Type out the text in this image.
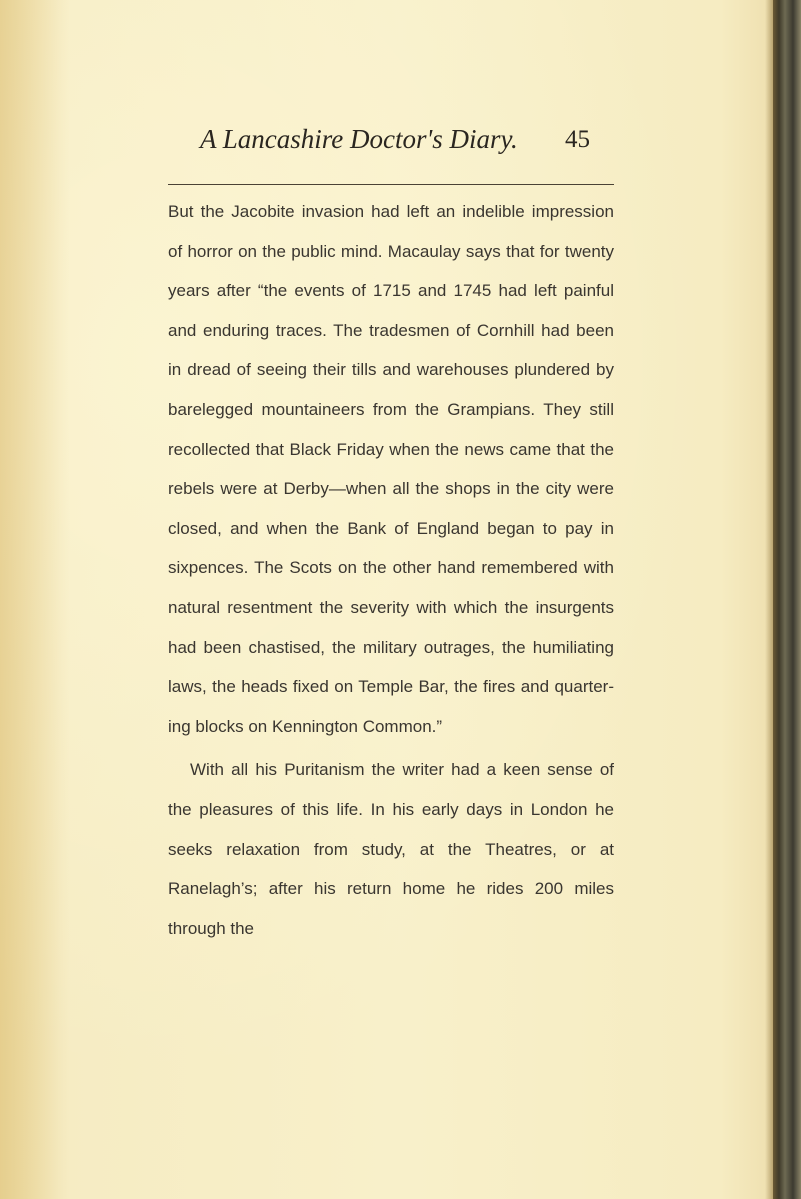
A Lancashire Doctor's Diary. 45

But the Jacobite invasion had left an indelible impression of horror on the public mind. Macaulay says that for twenty years after “the events of 1715 and 1745 had left painful and enduring traces. The tradesmen of Cornhill had been in dread of seeing their tills and warehouses plundered by barelegged mountaineers from the Grampians. They still recollected that Black Friday when the news came that the rebels were at Derby—when all the shops in the city were closed, and when the Bank of England began to pay in sixpences. The Scots on the other hand remembered with natural resentment the severity with which the insurgents had been chastised, the military outrages, the humiliating laws, the heads fixed on Temple Bar, the fires and quarter-ing blocks on Kennington Common.”

With all his Puritanism the writer had a keen sense of the pleasures of this life. In his early days in London he seeks relaxation from study, at the Theatres, or at Ranelagh’s; after his return home he rides 200 miles through the
